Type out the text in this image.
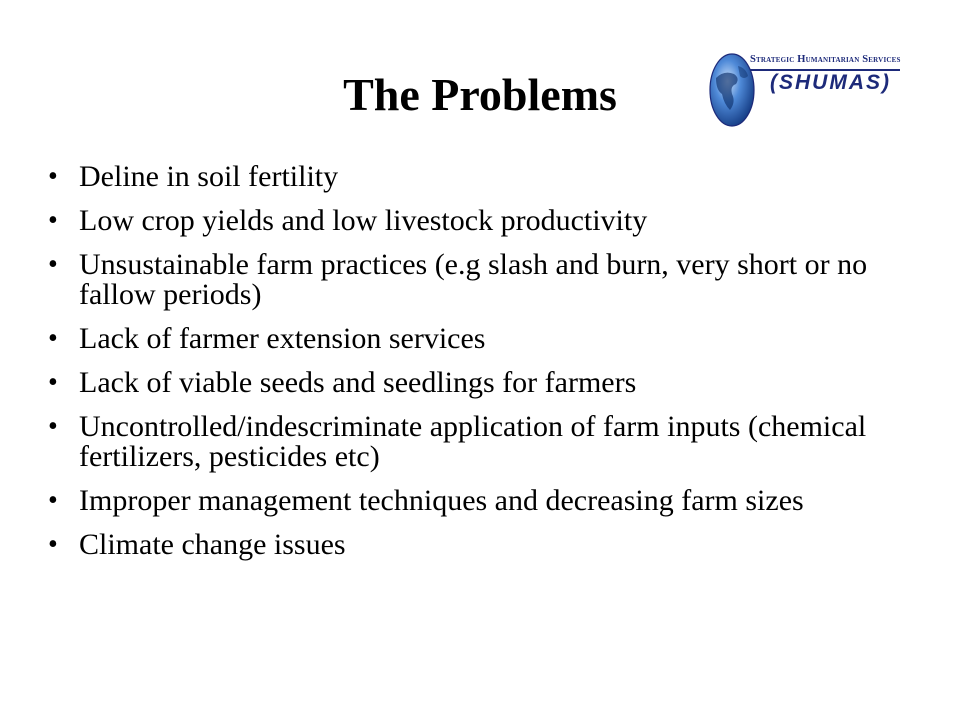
The Problems
Strategic Humanitarian Services
(SHUMAS)
• Deline in soil fertility
• Low crop yields and low livestock productivity
• Unsustainable farm practices (e.g slash and burn, very short or no fallow periods)
• Lack of farmer extension services
• Lack of viable seeds and seedlings for farmers
• Uncontrolled/indescriminate application of farm inputs (chemical fertilizers, pesticides etc)
• Improper management techniques and decreasing farm sizes
• Climate change issues
